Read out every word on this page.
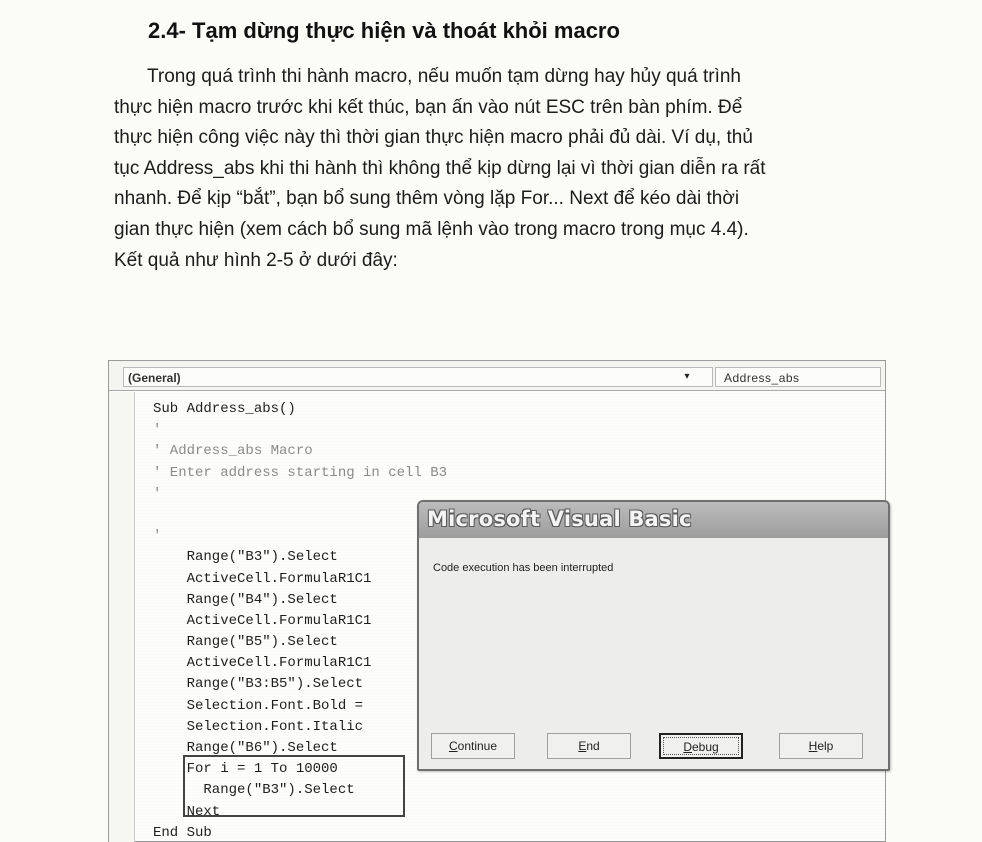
2.4- Tạm dừng thực hiện và thoát khỏi macro
Trong quá trình thi hành macro, nếu muốn tạm dừng hay hủy quá trình
thực hiện macro trước khi kết thúc, bạn ấn vào nút ESC trên bàn phím. Để
thực hiện công việc này thì thời gian thực hiện macro phải đủ dài. Ví dụ, thủ
tục Address_abs khi thi hành thì không thể kịp dừng lại vì thời gian diễn ra rất
nhanh. Để kịp “bắt”, bạn bổ sung thêm vòng lặp For... Next để kéo dài thời
gian thực hiện (xem cách bổ sung mã lệnh vào trong macro trong mục 4.4).
Kết quả như hình 2-5 ở dưới đây:
(General)	▾	Address_abs
Sub Address_abs()
'
' Address_abs Macro
' Enter address starting in cell B3
'
'
Range("B3").Select
ActiveCell.FormulaR1C1
Range("B4").Select
ActiveCell.FormulaR1C1
Range("B5").Select
ActiveCell.FormulaR1C1
Range("B3:B5").Select
Selection.Font.Bold =
Selection.Font.Italic
Range("B6").Select
For i = 1 To 10000
Range("B3").Select
Next
End Sub
Microsoft Visual Basic
Code execution has been interrupted
Continue	End	Debug	Help
